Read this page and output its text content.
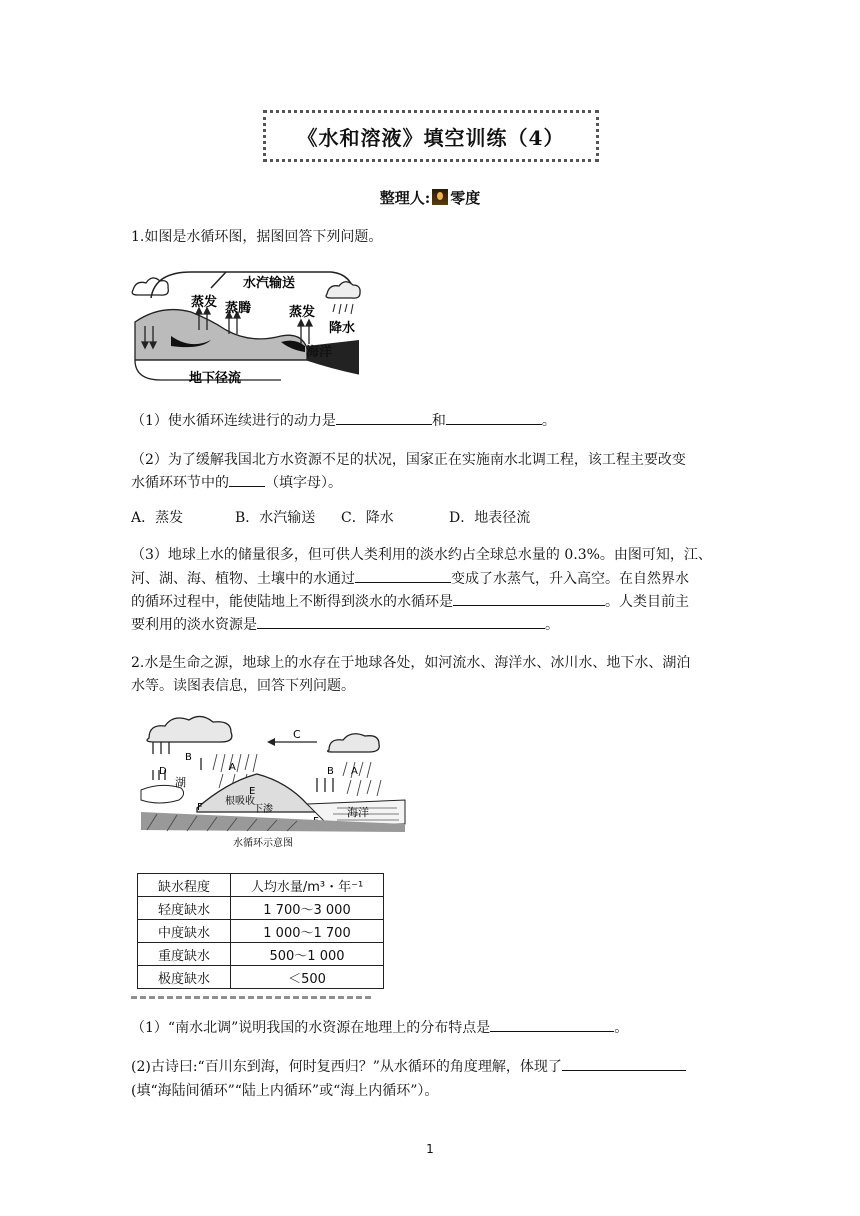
《水和溶液》填空训练（4）
整理人: 零度
1.如图是水循环图，据图回答下列问题。
水汽输送
蒸发 蒸腾	蒸发
降水
海洋
地下径流
（1）使水循环连续进行的动力是	和	。
（2）为了缓解我国北方水资源不足的状况，国家正在实施南水北调工程，该工程主要改变
水循环环节中的	（填字母）。
A．蒸发	B．水汽输送 C．降水	D．地表径流
（3）地球上水的储量很多，但可供人类利用的淡水约占全球总水量的 0.3%。由图可知，江、
河、湖、海、植物、土壤中的水通过	变成了水蒸气，升入高空。在自然界水
的循环过程中，能使陆地上不断得到淡水的水循环是	。人类目前主
要利用的淡水资源是	。
2.水是生命之源，地球上的水存在于地球各处，如河流水、海洋水、冰川水、地下水、湖泊
水等。读图表信息，回答下列问题。
C
B
D	A	B A
湖
E
根吸收
下渗
F	海洋
水循环示意图
缺水程度	人均水量/m³・年⁻¹
轻度缺水	1 700～3 000
中度缺水	1 000～1 700
重度缺水	500～1 000
极度缺水	＜500
（1）“南水北调”说明我国的水资源在地理上的分布特点是	。
(2)古诗曰:“百川东到海，何时复西归？”从水循环的角度理解，体现了
(填“海陆间循环”“陆上内循环”或“海上内循环”）。
1
